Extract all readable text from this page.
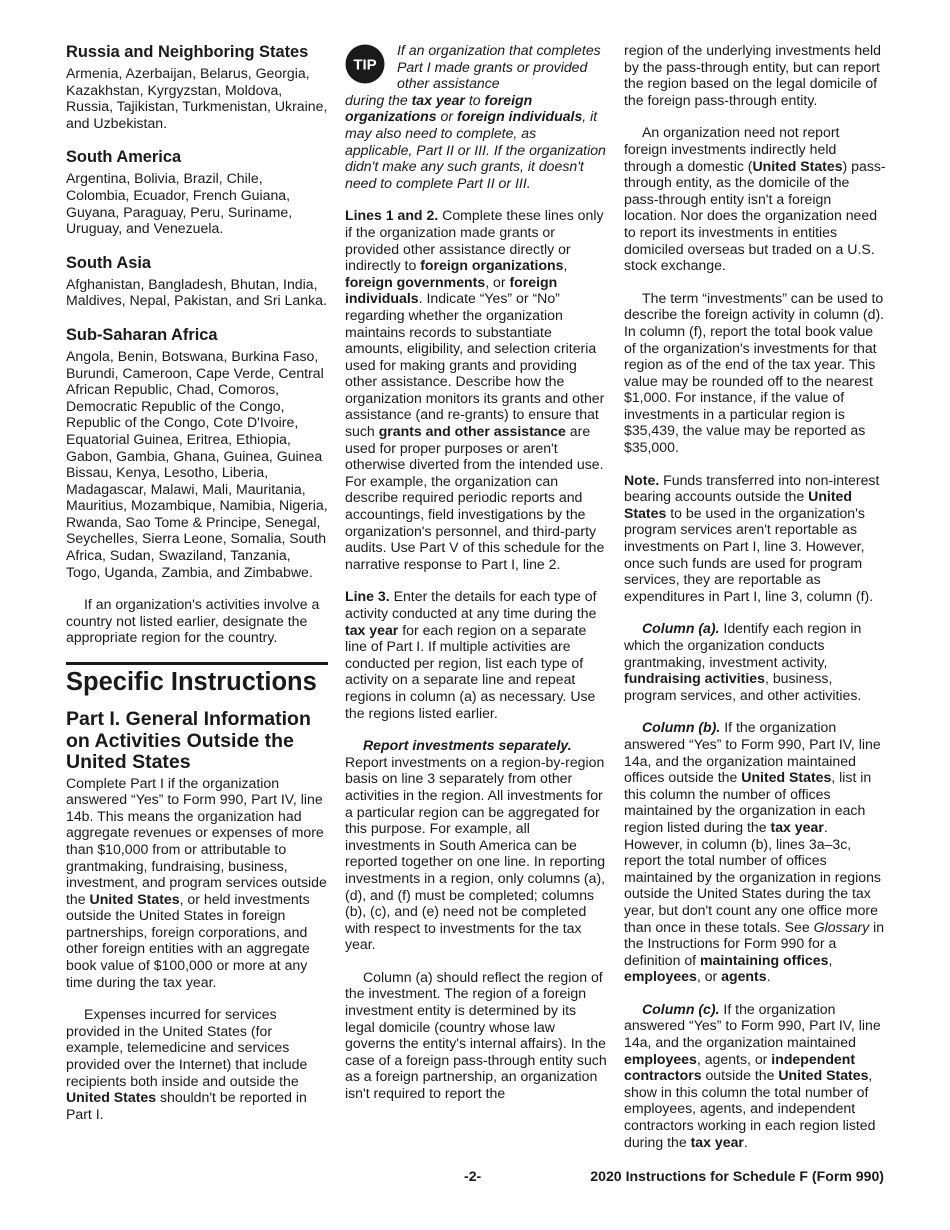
Russia and Neighboring States

Armenia, Azerbaijan, Belarus, Georgia, Kazakhstan, Kyrgyzstan, Moldova, Russia, Tajikistan, Turkmenistan, Ukraine, and Uzbekistan.

South America

Argentina, Bolivia, Brazil, Chile, Colombia, Ecuador, French Guiana, Guyana, Paraguay, Peru, Suriname, Uruguay, and Venezuela.

South Asia

Afghanistan, Bangladesh, Bhutan, India, Maldives, Nepal, Pakistan, and Sri Lanka.

Sub-Saharan Africa

Angola, Benin, Botswana, Burkina Faso, Burundi, Cameroon, Cape Verde, Central African Republic, Chad, Comoros, Democratic Republic of the Congo, Republic of the Congo, Cote D'Ivoire, Equatorial Guinea, Eritrea, Ethiopia, Gabon, Gambia, Ghana, Guinea, Guinea Bissau, Kenya, Lesotho, Liberia, Madagascar, Malawi, Mali, Mauritania, Mauritius, Mozambique, Namibia, Nigeria, Rwanda, Sao Tome & Principe, Senegal, Seychelles, Sierra Leone, Somalia, South Africa, Sudan, Swaziland, Tanzania, Togo, Uganda, Zambia, and Zimbabwe.

If an organization's activities involve a country not listed earlier, designate the appropriate region for the country.

Specific Instructions
Part I. General Information on Activities Outside the United States

Complete Part I if the organization answered “Yes” to Form 990, Part IV, line 14b. This means the organization had aggregate revenues or expenses of more than $10,000 from or attributable to grantmaking, fundraising, business, investment, and program services outside the United States, or held investments outside the United States in foreign partnerships, foreign corporations, and other foreign entities with an aggregate book value of $100,000 or more at any time during the tax year.

Expenses incurred for services provided in the United States (for example, telemedicine and services provided over the Internet) that include recipients both inside and outside the United States shouldn't be reported in Part I.

TIP
If an organization that completes Part I made grants or provided other assistance

during the tax year to foreign organizations or foreign individuals, it may also need to complete, as applicable, Part II or III. If the organization didn't make any such grants, it doesn't need to complete Part II or III.

Lines 1 and 2. Complete these lines only if the organization made grants or provided other assistance directly or indirectly to foreign organizations, foreign governments, or foreign individuals. Indicate “Yes” or “No” regarding whether the organization maintains records to substantiate amounts, eligibility, and selection criteria used for making grants and providing other assistance. Describe how the organization monitors its grants and other assistance (and re-grants) to ensure that such grants and other assistance are used for proper purposes or aren't otherwise diverted from the intended use. For example, the organization can describe required periodic reports and accountings, field investigations by the organization's personnel, and third-party audits. Use Part V of this schedule for the narrative response to Part I, line 2.

Line 3. Enter the details for each type of activity conducted at any time during the tax year for each region on a separate line of Part I. If multiple activities are conducted per region, list each type of activity on a separate line and repeat regions in column (a) as necessary. Use the regions listed earlier.

Report investments separately. Report investments on a region-by-region basis on line 3 separately from other activities in the region. All investments for a particular region can be aggregated for this purpose. For example, all investments in South America can be reported together on one line. In reporting investments in a region, only columns (a), (d), and (f) must be completed; columns (b), (c), and (e) need not be completed with respect to investments for the tax year.

Column (a) should reflect the region of the investment. The region of a foreign investment entity is determined by its legal domicile (country whose law governs the entity's internal affairs). In the case of a foreign pass-through entity such as a foreign partnership, an organization isn't required to report the

region of the underlying investments held by the pass-through entity, but can report the region based on the legal domicile of the foreign pass-through entity.

An organization need not report foreign investments indirectly held through a domestic (United States) pass-through entity, as the domicile of the pass-through entity isn't a foreign location. Nor does the organization need to report its investments in entities domiciled overseas but traded on a U.S. stock exchange.

The term “investments” can be used to describe the foreign activity in column (d). In column (f), report the total book value of the organization's investments for that region as of the end of the tax year. This value may be rounded off to the nearest $1,000. For instance, if the value of investments in a particular region is $35,439, the value may be reported as $35,000.

Note. Funds transferred into non-interest bearing accounts outside the United States to be used in the organization's program services aren't reportable as investments on Part I, line 3. However, once such funds are used for program services, they are reportable as expenditures in Part I, line 3, column (f).

Column (a). Identify each region in which the organization conducts grantmaking, investment activity, fundraising activities, business, program services, and other activities.

Column (b). If the organization answered “Yes” to Form 990, Part IV, line 14a, and the organization maintained offices outside the United States, list in this column the number of offices maintained by the organization in each region listed during the tax year. However, in column (b), lines 3a–3c, report the total number of offices maintained by the organization in regions outside the United States during the tax year, but don't count any one office more than once in these totals. See Glossary in the Instructions for Form 990 for a definition of maintaining offices, employees, or agents.

Column (c). If the organization answered “Yes” to Form 990, Part IV, line 14a, and the organization maintained employees, agents, or independent contractors outside the United States, show in this column the total number of employees, agents, and independent contractors working in each region listed during the tax year.

-2-	2020 Instructions for Schedule F (Form 990)
